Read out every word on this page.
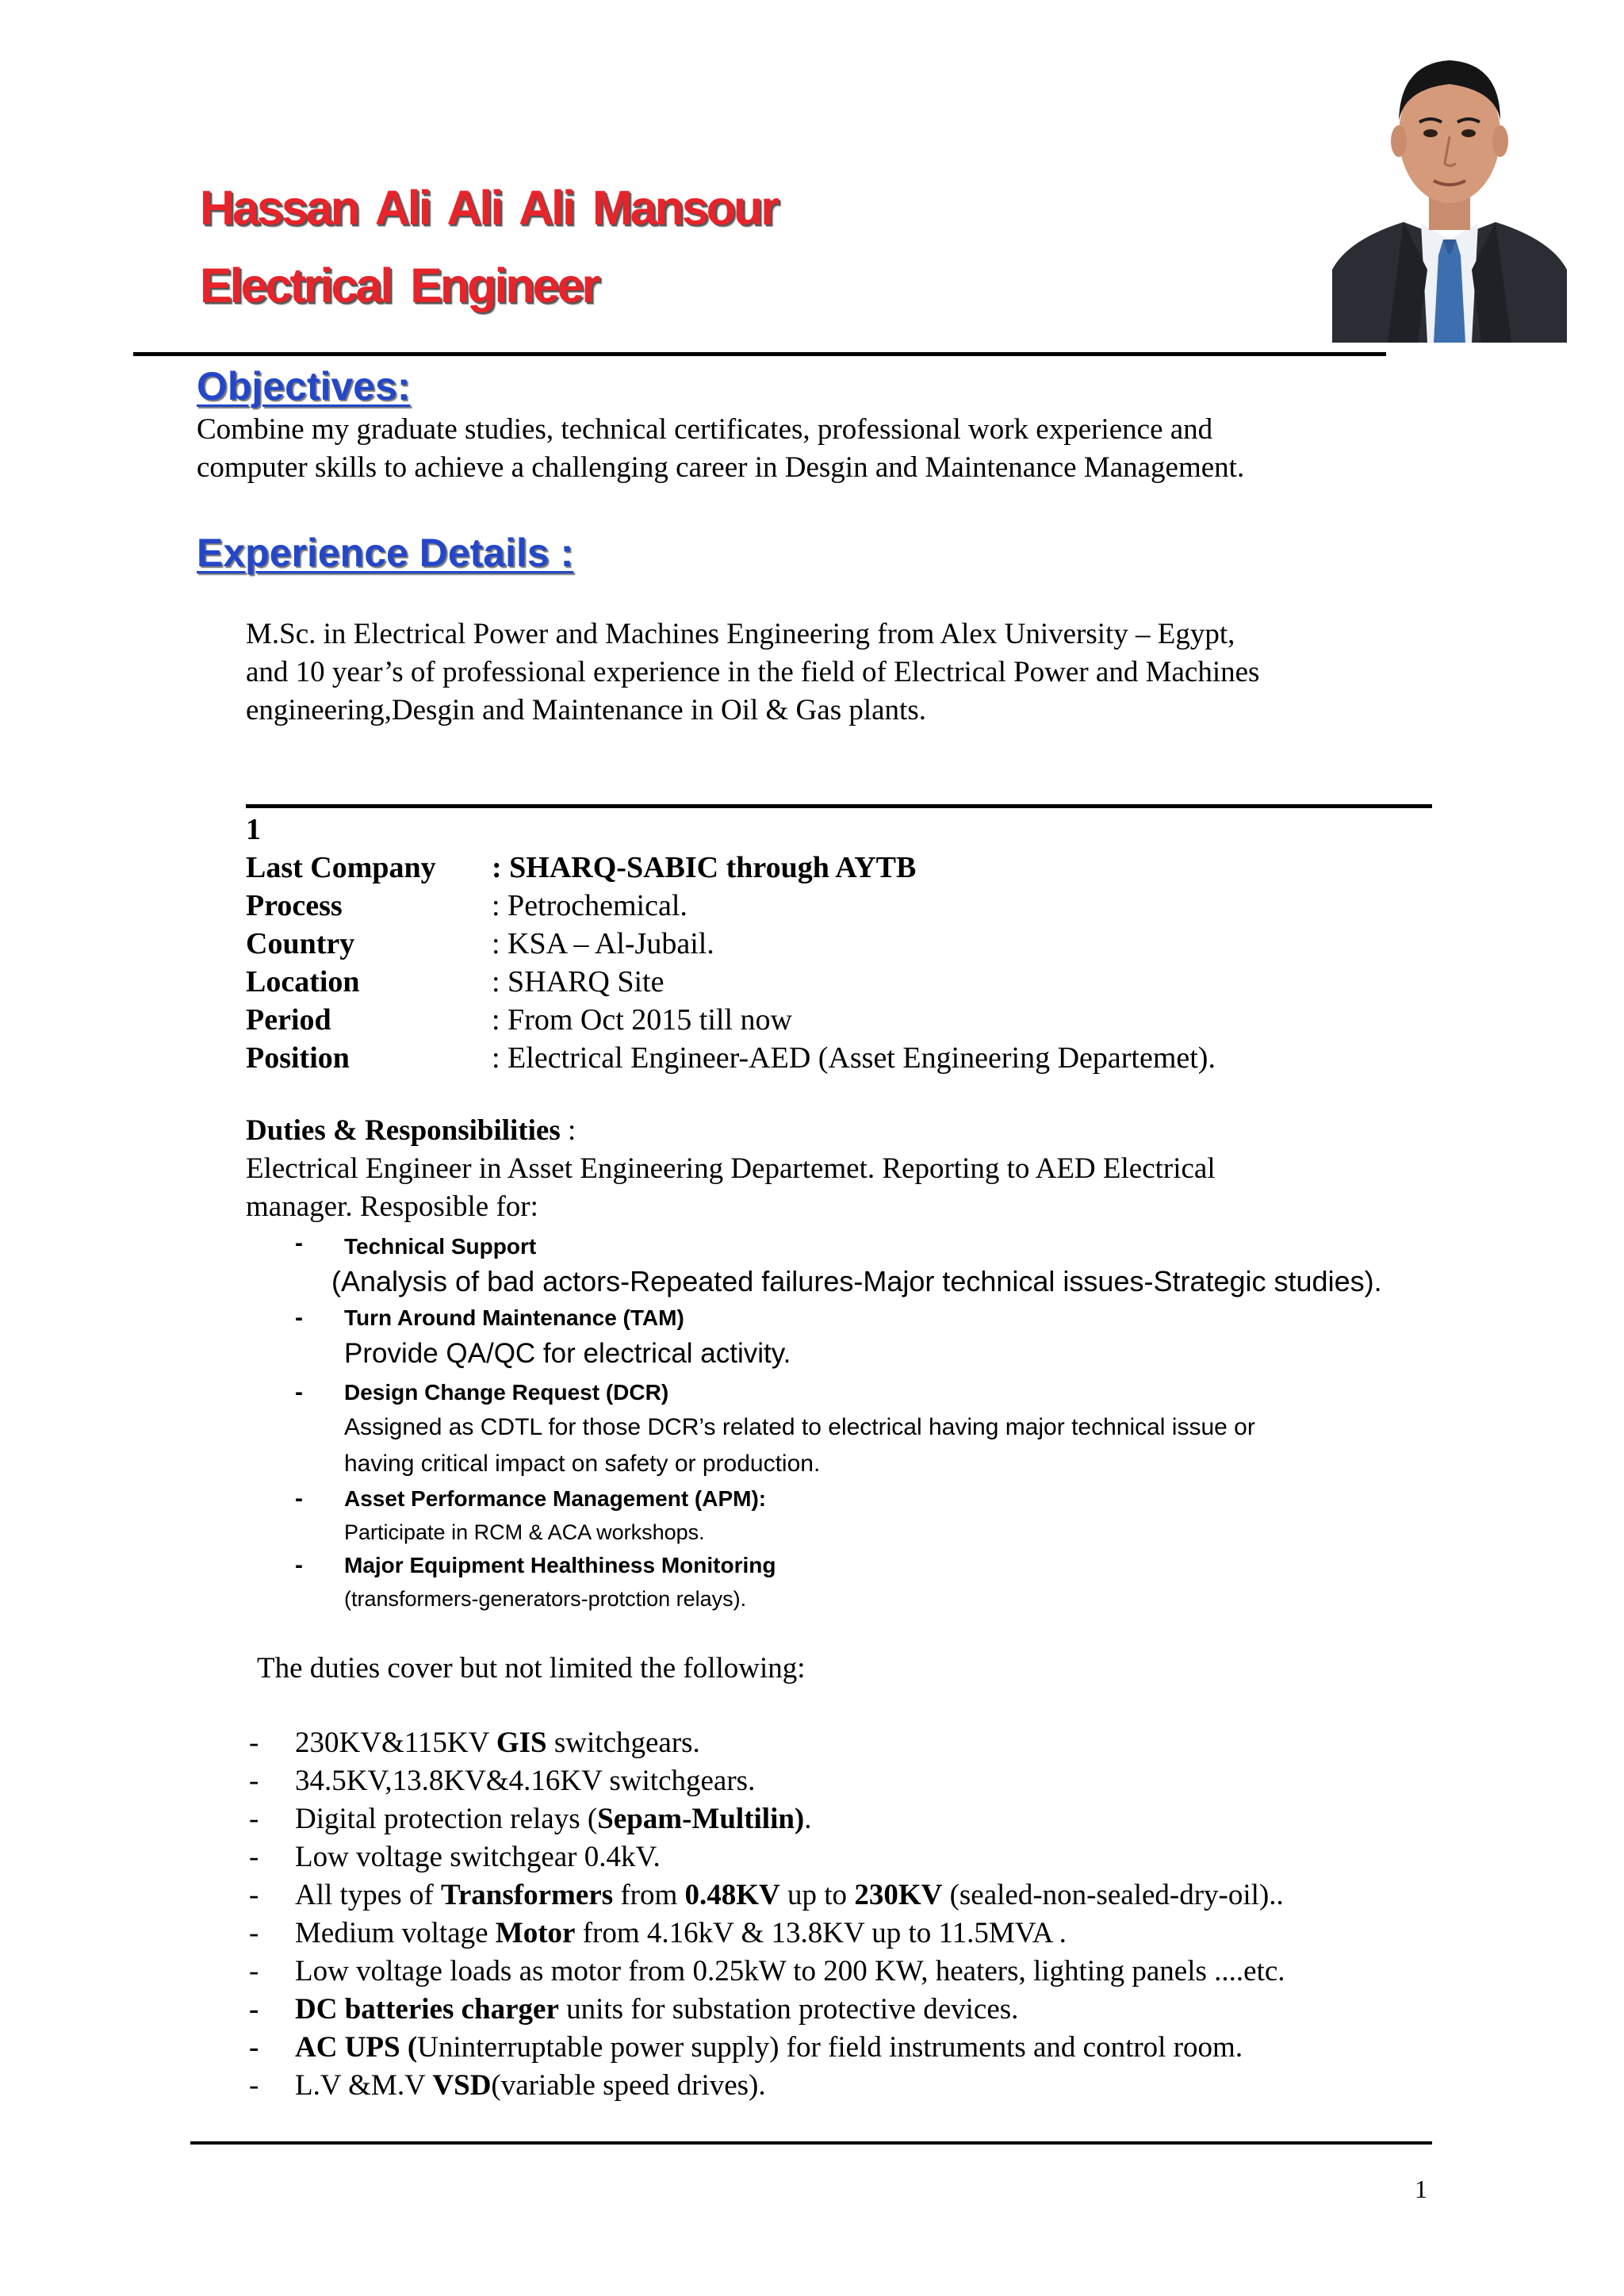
Hassan Ali Ali Ali Mansour
Electrical Engineer
Objectives:
Combine my graduate studies, technical certificates, professional work experience and
computer skills to achieve a challenging career in Desgin and Maintenance Management.
Experience Details :
M.Sc. in Electrical Power and Machines Engineering from Alex University – Egypt,
and 10 year’s of professional experience in the field of Electrical Power and Machines
engineering,Desgin and Maintenance in Oil & Gas plants.
1
Last Company : SHARQ-SABIC through AYTB
Process	: Petrochemical.
Country	: KSA – Al-Jubail.
Location	: SHARQ Site
Period	: From Oct 2015 till now
Position	: Electrical Engineer-AED (Asset Engineering Departemet).
Duties & Responsibilities :
Electrical Engineer in Asset Engineering Departemet. Reporting to AED Electrical
manager. Resposible for:
- Technical Support
(Analysis of bad actors-Repeated failures-Major technical issues-Strategic studies).
- Turn Around Maintenance (TAM)
Provide QA/QC for electrical activity.
- Design Change Request (DCR)
Assigned as CDTL for those DCR’s related to electrical having major technical issue or
having critical impact on safety or production.
- Asset Performance Management (APM):
Participate in RCM & ACA workshops.
- Major Equipment Healthiness Monitoring
(transformers-generators-protction relays).
The duties cover but not limited the following:
- 230KV&115KV GIS switchgears.
- 34.5KV,13.8KV&4.16KV switchgears.
- Digital protection relays (Sepam-Multilin).
- Low voltage switchgear 0.4kV.
- All types of Transformers from 0.48KV up to 230KV (sealed-non-sealed-dry-oil)..
- Medium voltage Motor from 4.16kV & 13.8KV up to 11.5MVA .
- Low voltage loads as motor from 0.25kW to 200 KW, heaters, lighting panels ....etc.
- DC batteries charger units for substation protective devices.
- AC UPS (Uninterruptable power supply) for field instruments and control room.
- L.V &M.V VSD(variable speed drives).
1
